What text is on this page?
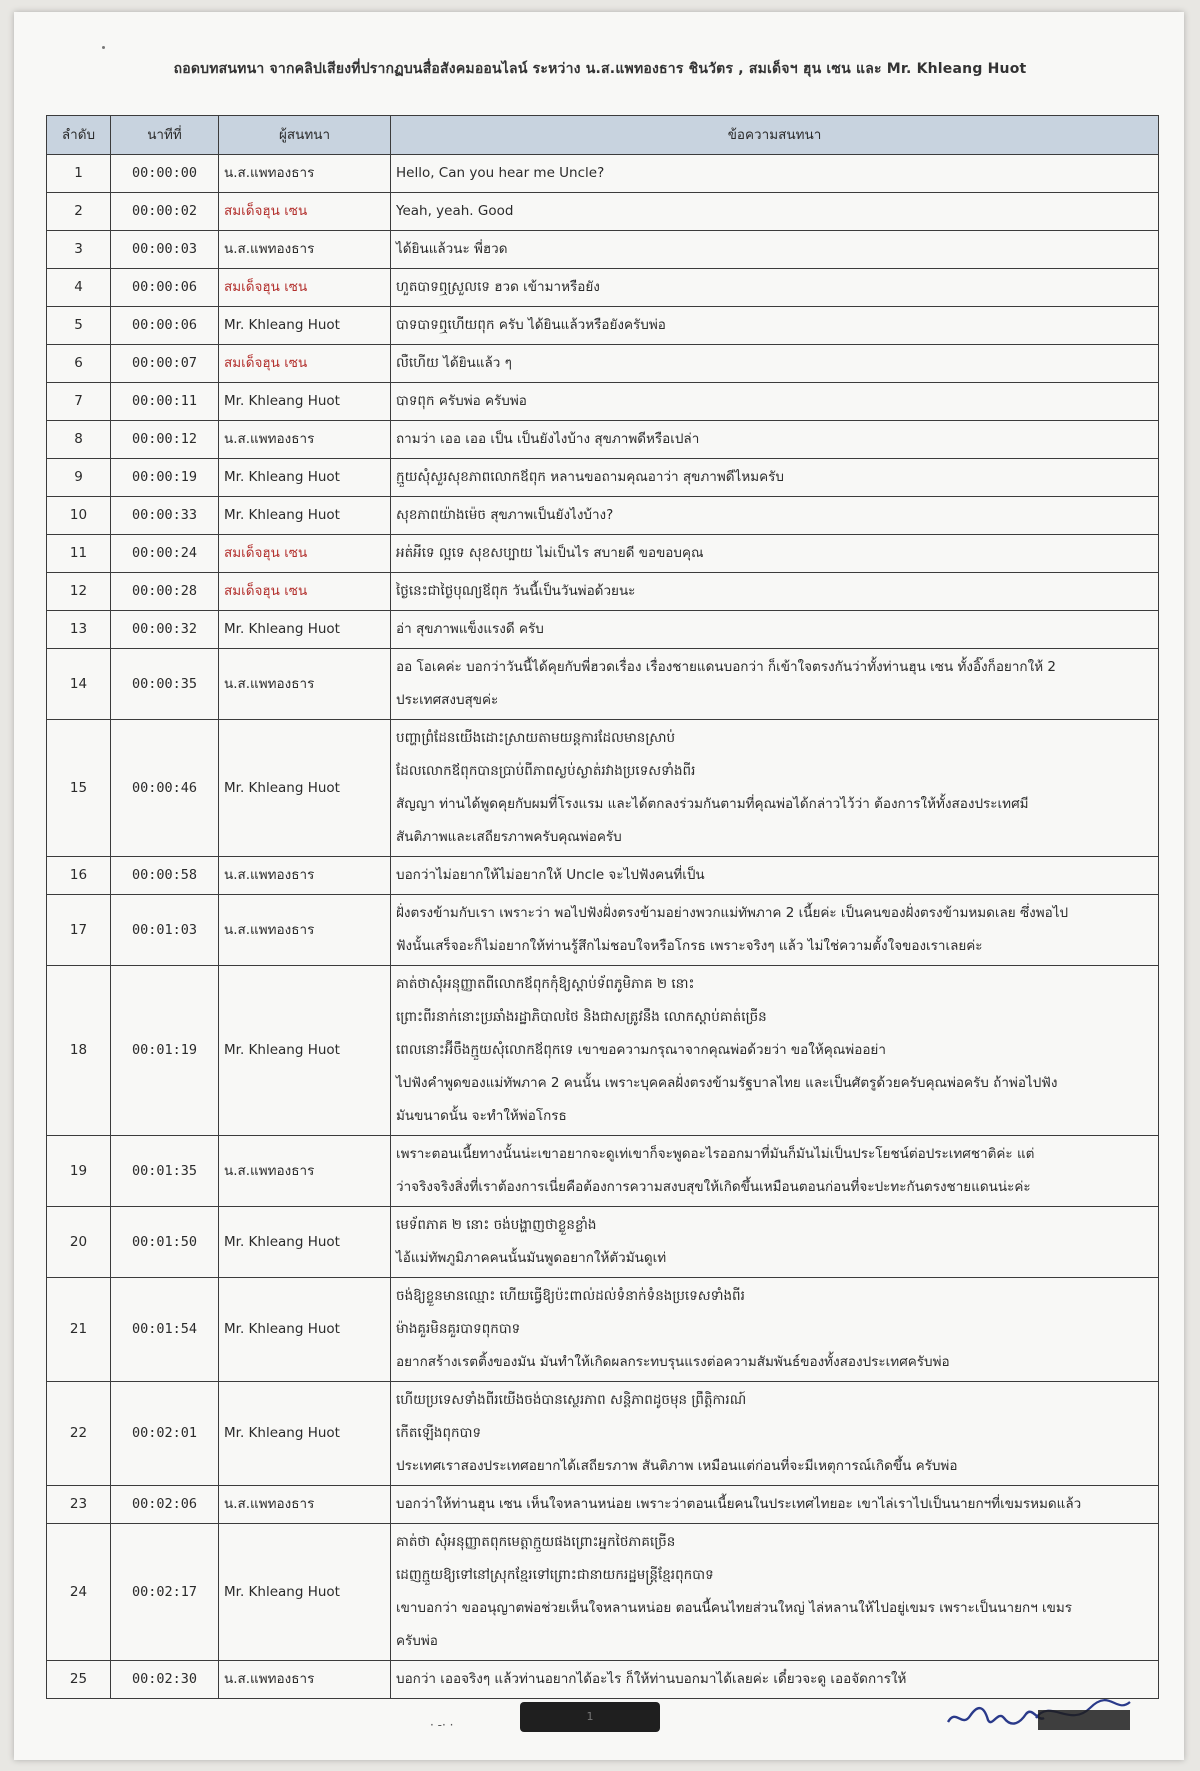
ถอดบทสนทนา จากคลิปเสียงที่ปรากฏบนสื่อสังคมออนไลน์ ระหว่าง น.ส.แพทองธาร ชินวัตร , สมเด็จฯ ฮุน เซน และ Mr. Khleang Huot
ลำดับ	นาทีที่	ผู้สนทนา	ข้อความสนทนา
1	00:00:00	น.ส.แพทองธาร	Hello, Can you hear me Uncle?

2	00:00:02	สมเด็จฮุน เซน	Yeah, yeah. Good

3	00:00:03	น.ส.แพทองธาร	ได้ยินแล้วนะ พี่ฮวด

4	00:00:06	สมเด็จฮุน เซน	ហួតបាទឮស្រួលទេ ฮวด เข้ามาหรือยัง

5	00:00:06	Mr. Khleang Huot	បាទបាទឮហើយពុក ครับ ได้ยินแล้วหรือยังครับพ่อ

6	00:00:07	สมเด็จฮุน เซน	លឺហើយ ได้ยินแล้ว ๆ

7	00:00:11	Mr. Khleang Huot	បាទពុក ครับพ่อ ครับพ่อ

8	00:00:12	น.ส.แพทองธาร	ถามว่า เออ เออ เป็น เป็นยังไงบ้าง สุขภาพดีหรือเปล่า

9	00:00:19	Mr. Khleang Huot	ក្មួយសុំសួរសុខភាពលោកឪពុក หลานขอถามคุณอาว่า สุขภาพดีไหมครับ

10	00:00:33	Mr. Khleang Huot	សុខភាពយ៉ាងម៉េច สุขภาพเป็นยังไงบ้าง?

11	00:00:24	สมเด็จฮุน เซน	អត់អីទេ ល្អទេ សុខសប្បាយ ไม่เป็นไร สบายดี ขอขอบคุณ

12	00:00:28	สมเด็จฮุน เซน	ថ្ងៃនេះជាថ្ងៃបុណ្យឪពុក วันนี้เป็นวันพ่อด้วยนะ

13	00:00:32	Mr. Khleang Huot	อ่า สุขภาพแข็งแรงดี ครับ

14	00:00:35	น.ส.แพทองธาร	ออ โอเคค่ะ บอกว่าวันนี้ได้คุยกับพี่ฮวดเรื่อง เรื่องชายแดนบอกว่า ก็เข้าใจตรงกันว่าทั้งท่านฮุน เซน ทั้งอิ๊งก็อยากให้ 2
ประเทศสงบสุขค่ะ

15	00:00:46	Mr. Khleang Huot	បញ្ហាព្រំដែនយើងដោះស្រាយតាមយន្តការដែលមានស្រាប់
ដែលលោកឪពុកបានប្រាប់ពីភាពស្ងប់ស្ងាត់រវាងប្រទេសទាំងពីរ
สัญญา ท่านได้พูดคุยกับผมที่โรงแรม และได้ตกลงร่วมกันตามที่คุณพ่อได้กล่าวไว้ว่า ต้องการให้ทั้งสองประเทศมี
สันติภาพและเสถียรภาพครับคุณพ่อครับ

16	00:00:58	น.ส.แพทองธาร	บอกว่าไม่อยากให้ไม่อยากให้ Uncle จะไปฟังคนที่เป็น

17	00:01:03	น.ส.แพทองธาร	ฝั่งตรงข้ามกับเรา เพราะว่า พอไปฟังฝั่งตรงข้ามอย่างพวกแม่ทัพภาค 2 เนี้ยค่ะ เป็นคนของฝั่งตรงข้ามหมดเลย ซึ่งพอไป
ฟังนั้นเสร็จอะก็ไม่อยากให้ท่านรู้สึกไม่ชอบใจหรือโกรธ เพราะจริงๆ แล้ว ไม่ใช่ความตั้งใจของเราเลยค่ะ

18	00:01:19	Mr. Khleang Huot	គាត់ថាសុំអនុញ្ញាតពីលោកឪពុកកុំឱ្យស្តាប់ទ័ពភូមិភាគ ២ នោះ
ព្រោះពីរនាក់នោះប្រឆាំងរដ្ឋាភិបាលថៃ និងជាសត្រូវនឹង លោកស្តាប់គាត់ច្រើន
ពេលនោះអ៊ីចឹងក្មួយសុំលោកឪពុកទេ เขาขอความกรุณาจากคุณพ่อด้วยว่า ขอให้คุณพ่ออย่า
ไปฟังคำพูดของแม่ทัพภาค 2 คนนั้น เพราะบุคคลฝั่งตรงข้ามรัฐบาลไทย และเป็นศัตรูด้วยครับคุณพ่อครับ ถ้าพ่อไปฟัง
มันขนาดนั้น จะทำให้พ่อโกรธ

19	00:01:35	น.ส.แพทองธาร	เพราะตอนเนี้ยทางนั้นน่ะเขาอยากจะดูเท่เขาก็จะพูดอะไรออกมาที่มันก็มันไม่เป็นประโยชน์ต่อประเทศชาติค่ะ แต่
ว่าจริงจริงสิ่งที่เราต้องการเนี่ยคือต้องการความสงบสุขให้เกิดขึ้นเหมือนตอนก่อนที่จะปะทะกันตรงชายแดนน่ะค่ะ

20	00:01:50	Mr. Khleang Huot	មេទ័ពភាគ ២ នោះ ចង់បង្ហាញថាខ្លួនខ្លាំង
ไอ้แม่ทัพภูมิภาคคนนั้นมันพูดอยากให้ตัวมันดูเท่

21	00:01:54	Mr. Khleang Huot	ចង់ឱ្យខ្លួនមានឈ្មោះ ហើយធ្វើឱ្យប៉ះពាល់ដល់ទំនាក់ទំនងប្រទេសទាំងពីរ
ម៉ាងគួរមិនគួរបាទពុកបាទ
อยากสร้างเรตติ้งของมัน มันทำให้เกิดผลกระทบรุนแรงต่อความสัมพันธ์ของทั้งสองประเทศครับพ่อ

22	00:02:01	Mr. Khleang Huot	ហើយប្រទេសទាំងពីរយើងចង់បានស្ថេរភាព សន្តិភាពដូចមុន ព្រឹត្តិការណ៍
កើតឡើងពុកបាទ
ประเทศเราสองประเทศอยากได้เสถียรภาพ สันติภาพ เหมือนแต่ก่อนที่จะมีเหตุการณ์เกิดขึ้น ครับพ่อ

23	00:02:06	น.ส.แพทองธาร	บอกว่าให้ท่านฮุน เซน เห็นใจหลานหน่อย เพราะว่าตอนเนี้ยคนในประเทศไทยอะ เขาไล่เราไปเป็นนายกฯที่เขมรหมดแล้ว

24	00:02:17	Mr. Khleang Huot	គាត់ថា សុំអនុញ្ញាតពុកមេត្តាក្មួយផងព្រោះអ្នកថៃភាគច្រើន
ដេញក្មួយឱ្យទៅនៅស្រុកខ្មែរទៅព្រោះជានាយករដ្ឋមន្ត្រីខ្មែរពុកបាទ
เขาบอกว่า ขออนุญาตพ่อช่วยเห็นใจหลานหน่อย ตอนนี้คนไทยส่วนใหญ่ ไล่หลานให้ไปอยู่เขมร เพราะเป็นนายกฯ เขมร
ครับพ่อ

25	00:02:30	น.ส.แพทองธาร	บอกว่า เออจริงๆ แล้วท่านอยากได้อะไร ก็ให้ท่านบอกมาได้เลยค่ะ เดี๋ยวจะดู เออจัดการให้
· -· ·
1
